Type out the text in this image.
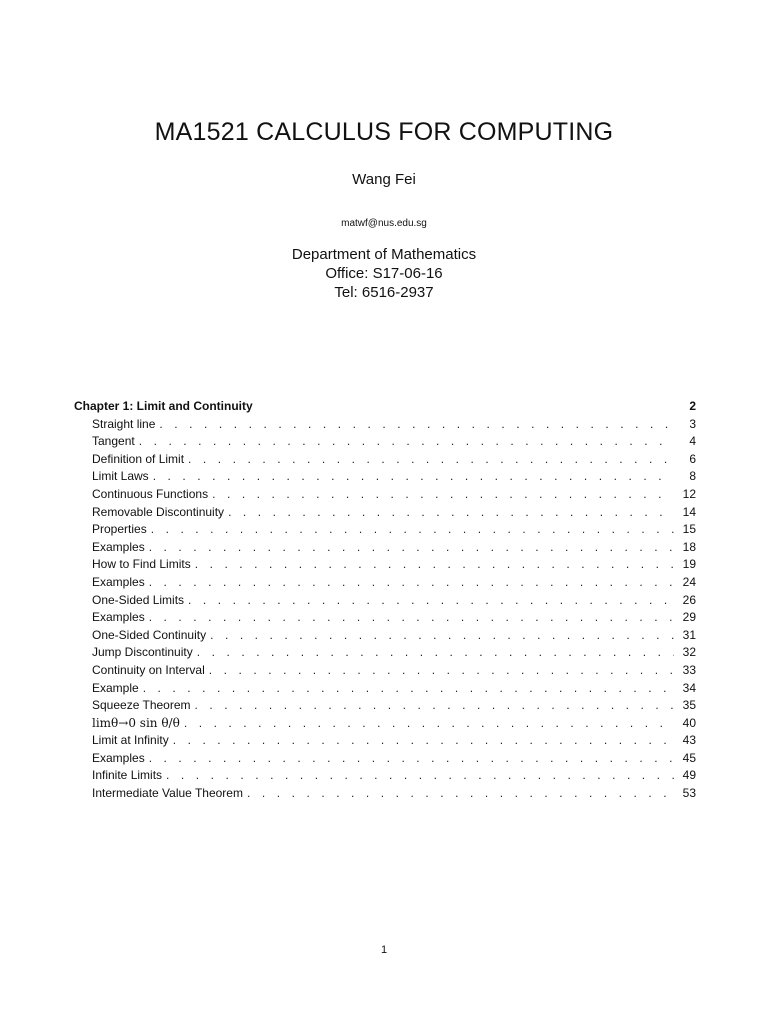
MA1521 CALCULUS FOR COMPUTING
Wang Fei
matwf@nus.edu.sg
Department of Mathematics
Office: S17-06-16
Tel: 6516-2937
Chapter 1: Limit and Continuity	2
Straight line . . .	3
Tangent . . .	4
Definition of Limit . . .	6
Limit Laws . . .	8
Continuous Functions . . .	12
Removable Discontinuity . . .	14
Properties . . .	15
Examples . . .	18
How to Find Limits . . .	19
Examples . . .	24
One-Sided Limits . . .	26
Examples . . .	29
One-Sided Continuity . . .	31
Jump Discontinuity . . .	32
Continuity on Interval . . .	33
Example . . .	34
Squeeze Theorem . . .	35
limθ→0 sin θ/θ . . .	40
Limit at Infinity . . .	43
Examples . . .	45
Infinite Limits . . .	49
Intermediate Value Theorem . . .	53
1
